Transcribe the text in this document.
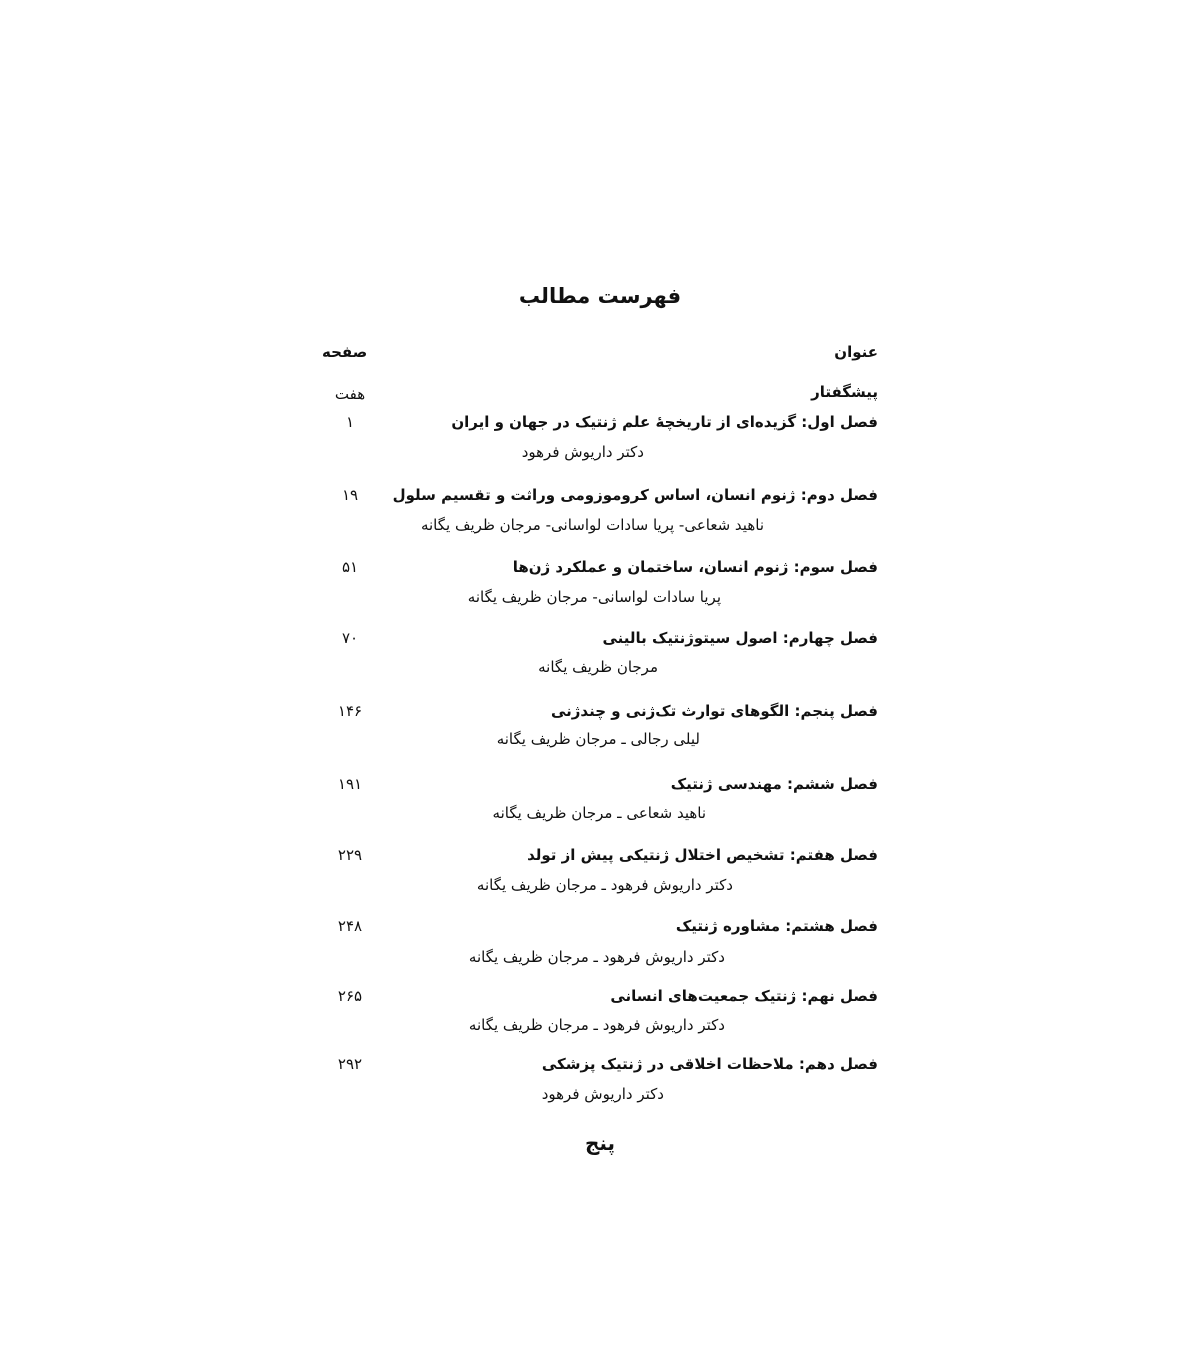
فهرست مطالب
عنوان
صفحه
پیشگفتار
هفت
فصل اول: گزیده‌ای از تاریخچهٔ علم ژنتیک در جهان و ایران
۱
دکتر داریوش فرهود
فصل دوم: ژنوم انسان، اساس کروموزومی وراثت و تقسیم سلول
۱۹
ناهید شعاعی- پریا سادات لواسانی- مرجان ظریف یگانه
فصل سوم: ژنوم انسان، ساختمان و عملکرد ژن‌ها
۵۱
پریا سادات لواسانی- مرجان ظریف یگانه
فصل چهارم: اصول سیتوژنتیک بالینی
۷۰
مرجان ظریف یگانه
فصل پنجم: الگوهای توارث تک‌ژنی و چندژنی
۱۴۶
لیلی رجالی ـ مرجان ظریف یگانه
فصل ششم: مهندسی ژنتیک
۱۹۱
ناهید شعاعی ـ مرجان ظریف یگانه
فصل هفتم: تشخیص اختلال ژنتیکی پیش از تولد
۲۲۹
دکتر داریوش فرهود ـ مرجان ظریف یگانه
فصل هشتم: مشاوره ژنتیک
۲۴۸
دکتر داریوش فرهود ـ مرجان ظریف یگانه
فصل نهم: ژنتیک جمعیت‌های انسانی
۲۶۵
دکتر داریوش فرهود ـ مرجان ظریف یگانه
فصل دهم: ملاحظات اخلاقی در ژنتیک پزشکی
۲۹۲
دکتر داریوش فرهود
پنج
